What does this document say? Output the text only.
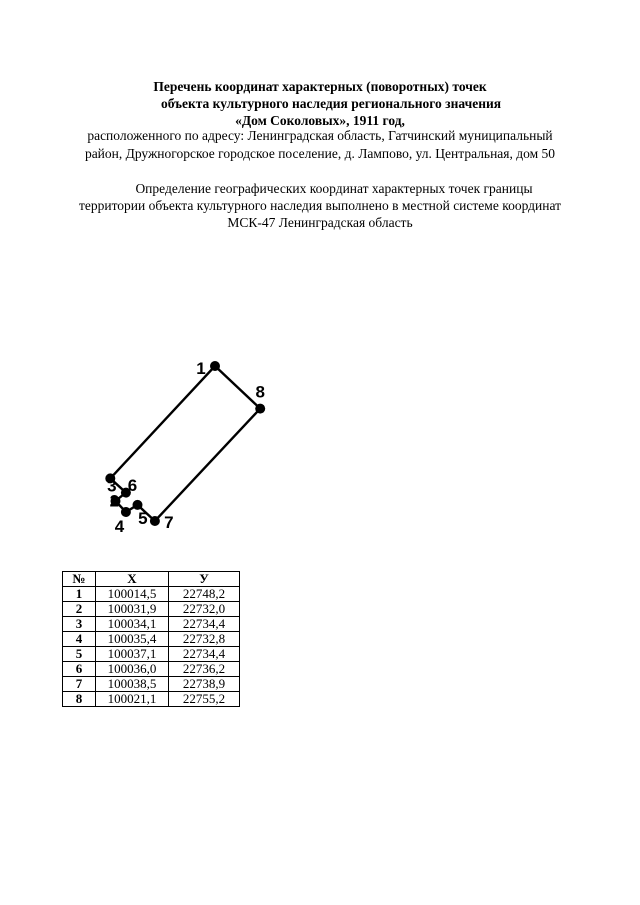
Перечень координат характерных (поворотных) точек
объекта культурного наследия регионального значения
«Дом Соколовых», 1911 год,
расположенного по адресу: Ленинградская область, Гатчинский муниципальный
район, Дружногорское городское поселение, д. Лампово, ул. Центральная, дом 50
Определение географических координат характерных точек границы
территории объекта культурного наследия выполнено в местной системе координат
МСК-47 Ленинградская область
1
3
4 5
6
7
8
№	X	У
1	100014,5	22748,2
2	100031,9	22732,0
3	100034,1	22734,4
4	100035,4	22732,8
5	100037,1	22734,4
6	100036,0	22736,2
7	100038,5	22738,9
8	100021,1	22755,2
